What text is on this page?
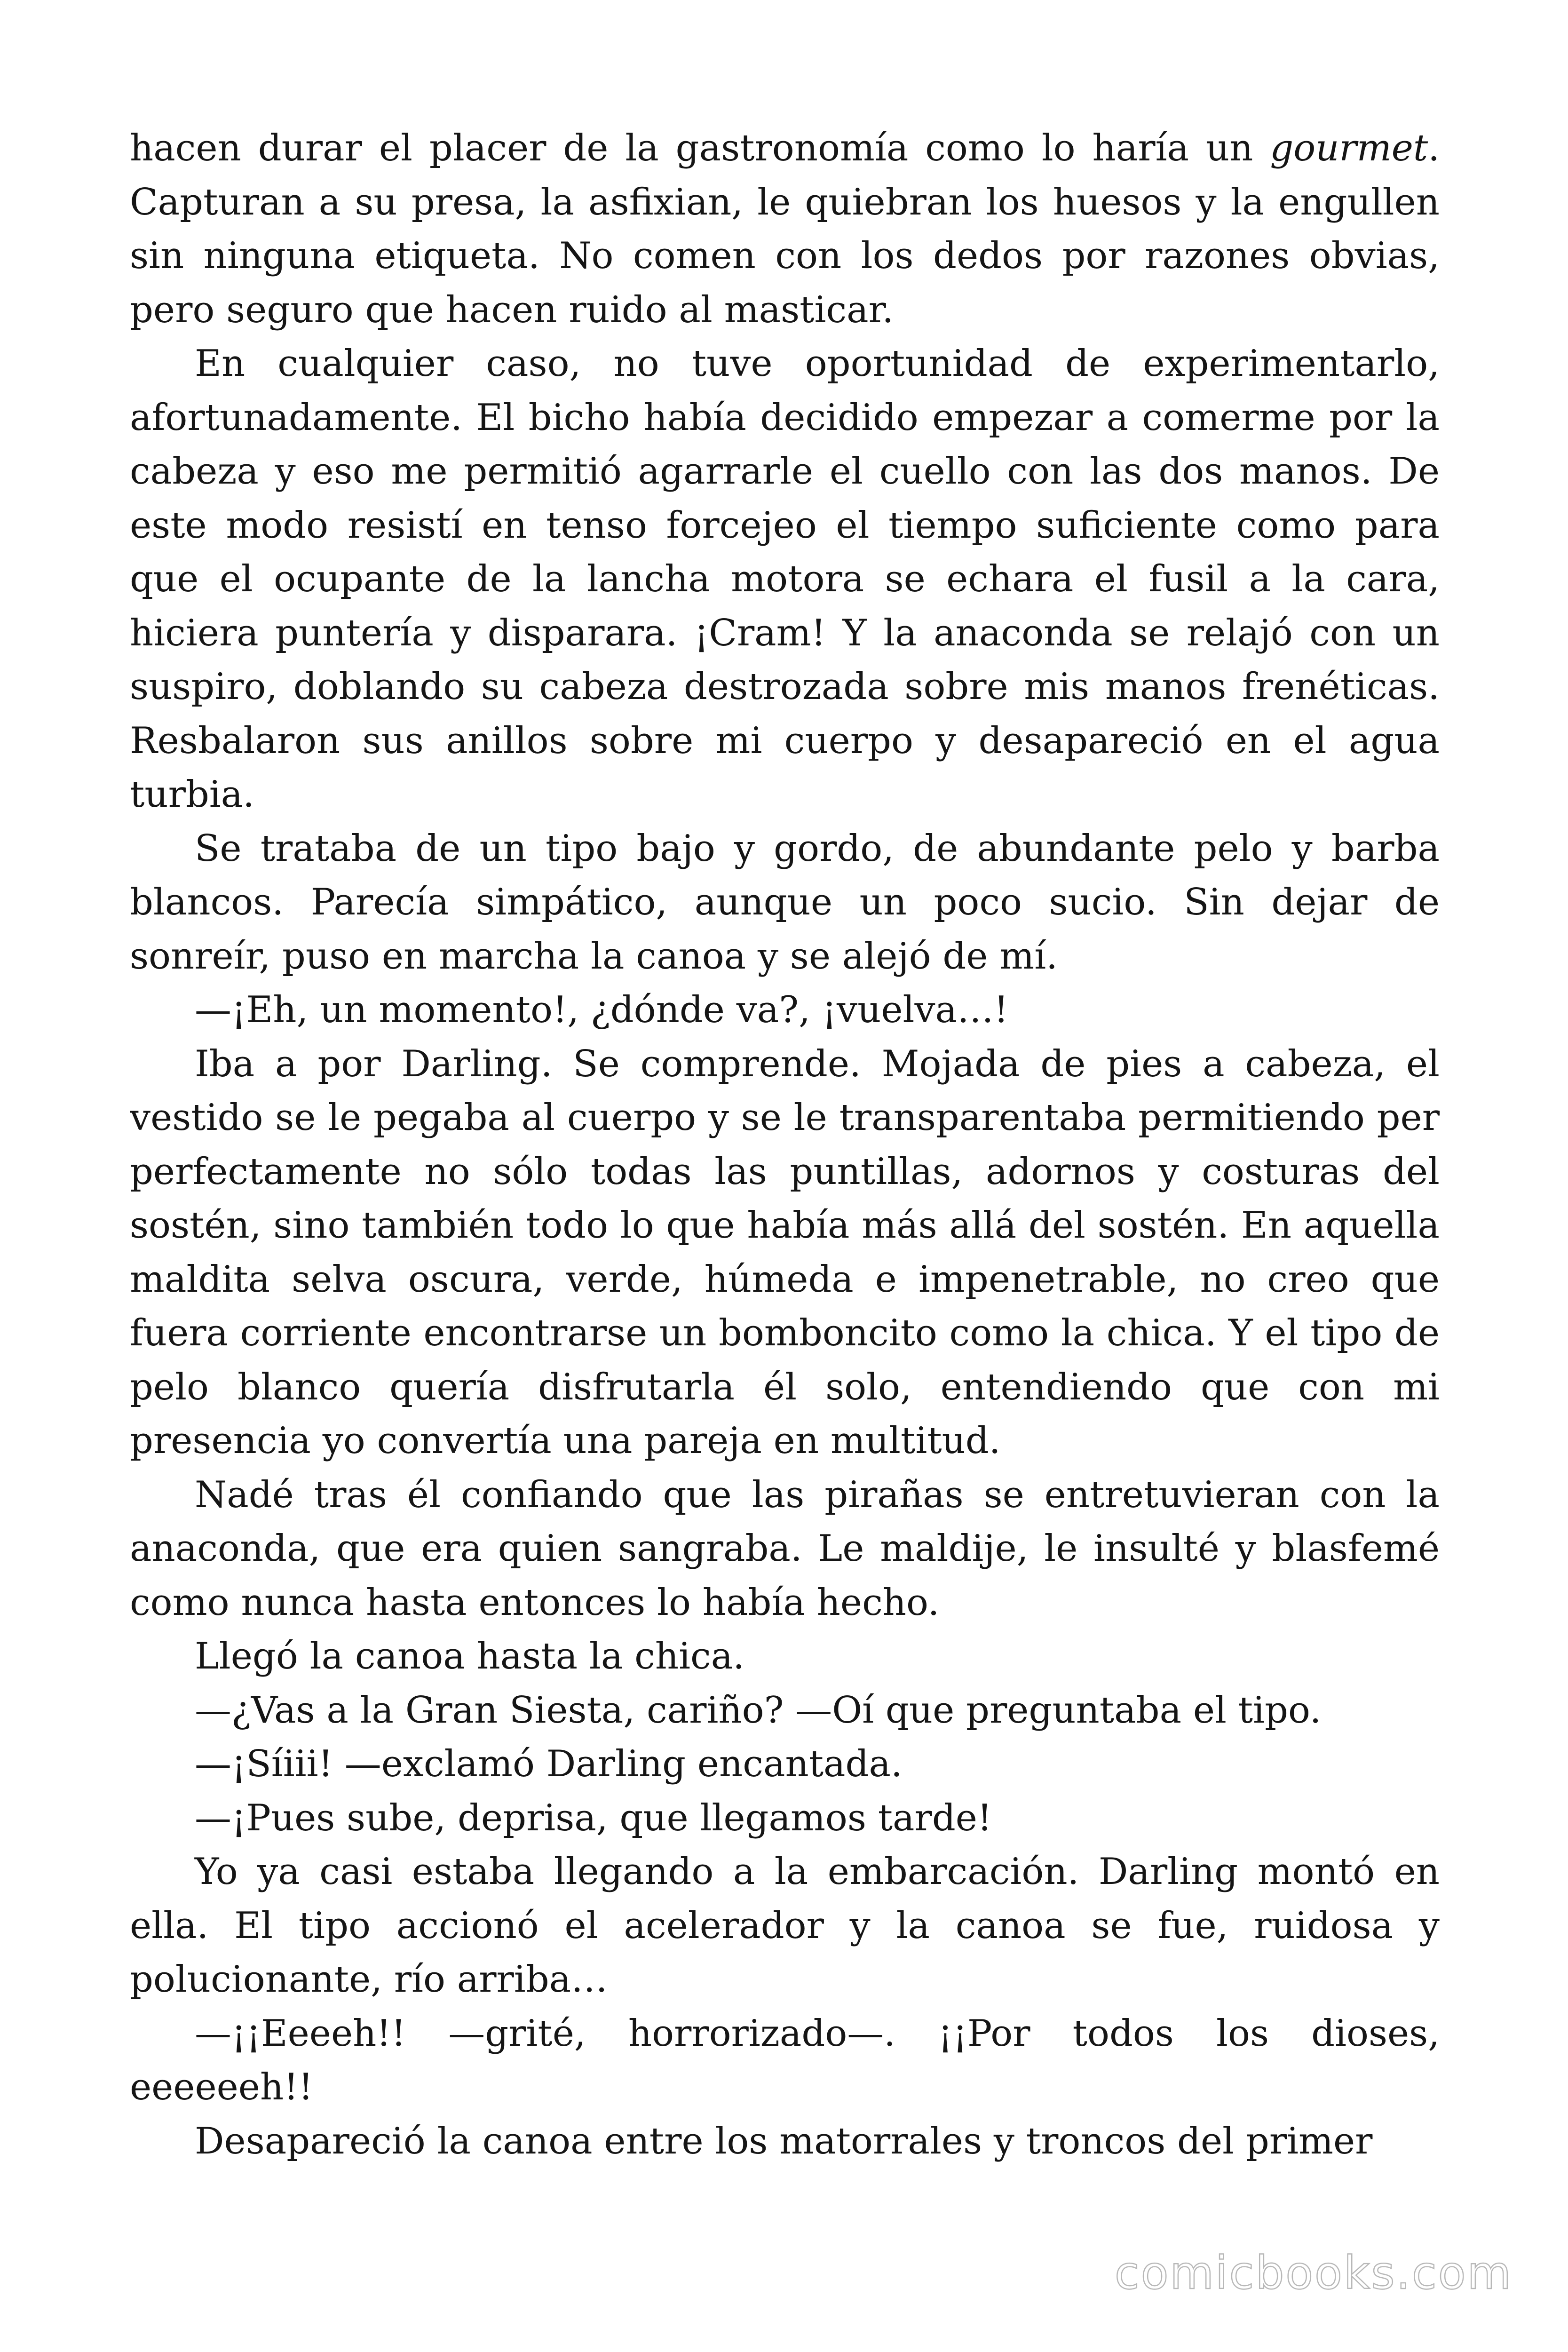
hacen durar el placer de la gastronomía como lo haría un gourmet. Capturan a su presa, la asfixian, le quiebran los huesos y la engullen sin ninguna etiqueta. No comen con los dedos por razones obvias, pero seguro que hacen ruido al masticar.

En cualquier caso, no tuve oportunidad de experimentarlo, afortunadamente. El bicho había decidido empezar a comerme por la cabeza y eso me permitió agarrarle el cuello con las dos manos. De este modo resistí en tenso forcejeo el tiempo suficiente como para que el ocupante de la lancha motora se echara el fusil a la cara, hiciera puntería y disparara. ¡Cram! Y la anaconda se relajó con un suspiro, doblando su cabeza destrozada sobre mis manos frenéticas. Resbalaron sus anillos sobre mi cuerpo y desapareció en el agua turbia.

Se trataba de un tipo bajo y gordo, de abundante pelo y barba blancos. Parecía simpático, aunque un poco sucio. Sin dejar de sonreír, puso en marcha la canoa y se alejó de mí.

—¡Eh, un momento!, ¿dónde va?, ¡vuelva…!

Iba a por Darling. Se comprende. Mojada de pies a cabeza, el vestido se le pegaba al cuerpo y se le transparentaba permitiendo per perfectamente no sólo todas las puntillas, adornos y costuras del sostén, sino también todo lo que había más allá del sostén. En aquella maldita selva oscura, verde, húmeda e impenetrable, no creo que fuera corriente encontrarse un bomboncito como la chica. Y el tipo de pelo blanco quería disfrutarla él solo, entendiendo que con mi presencia yo convertía una pareja en multitud.

Nadé tras él confiando que las pirañas se entretuvieran con la anaconda, que era quien sangraba. Le maldije, le insulté y blasfemé como nunca hasta entonces lo había hecho.

Llegó la canoa hasta la chica.

—¿Vas a la Gran Siesta, cariño? —Oí que preguntaba el tipo.

—¡Síiii! —exclamó Darling encantada.

—¡Pues sube, deprisa, que llegamos tarde!

Yo ya casi estaba llegando a la embarcación. Darling montó en ella. El tipo accionó el acelerador y la canoa se fue, ruidosa y polucionante, río arriba…

—¡¡Eeeeh!! —grité, horrorizado—. ¡¡Por todos los dioses, eeeeeeh!!

Desapareció la canoa entre los matorrales y troncos del primer

comicbooks.com
